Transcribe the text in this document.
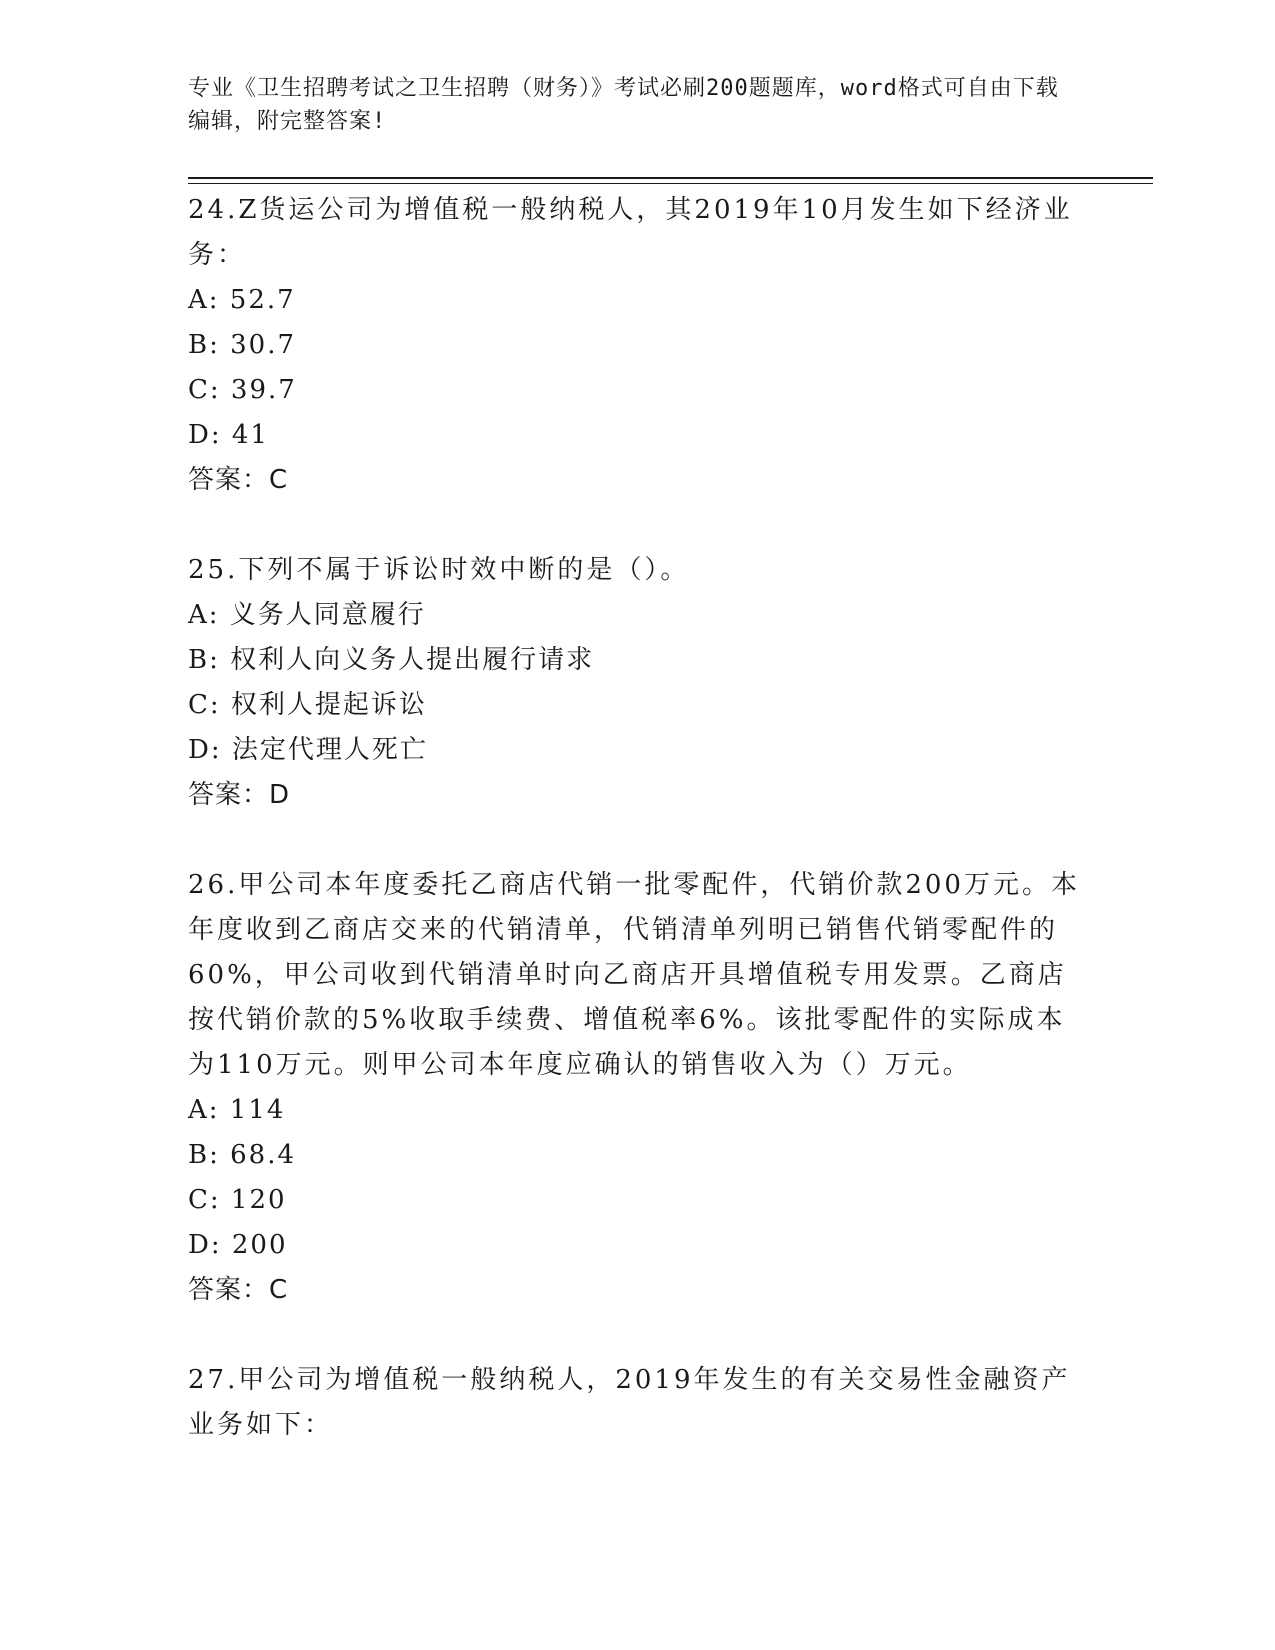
专业《卫生招聘考试之卫生招聘（财务）》考试必刷200题题库，word格式可自由下载编辑，附完整答案!

24.Z货运公司为增值税一般纳税人，其2019年10月发生如下经济业务：

A: 52.7

B: 30.7

C: 39.7

D: 41

答案：C

25.下列不属于诉讼时效中断的是（）。

A: 义务人同意履行

B: 权利人向义务人提出履行请求

C: 权利人提起诉讼

D: 法定代理人死亡

答案：D

26.甲公司本年度委托乙商店代销一批零配件，代销价款200万元。本年度收到乙商店交来的代销清单，代销清单列明已销售代销零配件的60%，甲公司收到代销清单时向乙商店开具增值税专用发票。乙商店按代销价款的5%收取手续费、增值税率6%。该批零配件的实际成本为110万元。则甲公司本年度应确认的销售收入为（）万元。

A: 114

B: 68.4

C: 120

D: 200

答案：C

27.甲公司为增值税一般纳税人，2019年发生的有关交易性金融资产业务如下：
